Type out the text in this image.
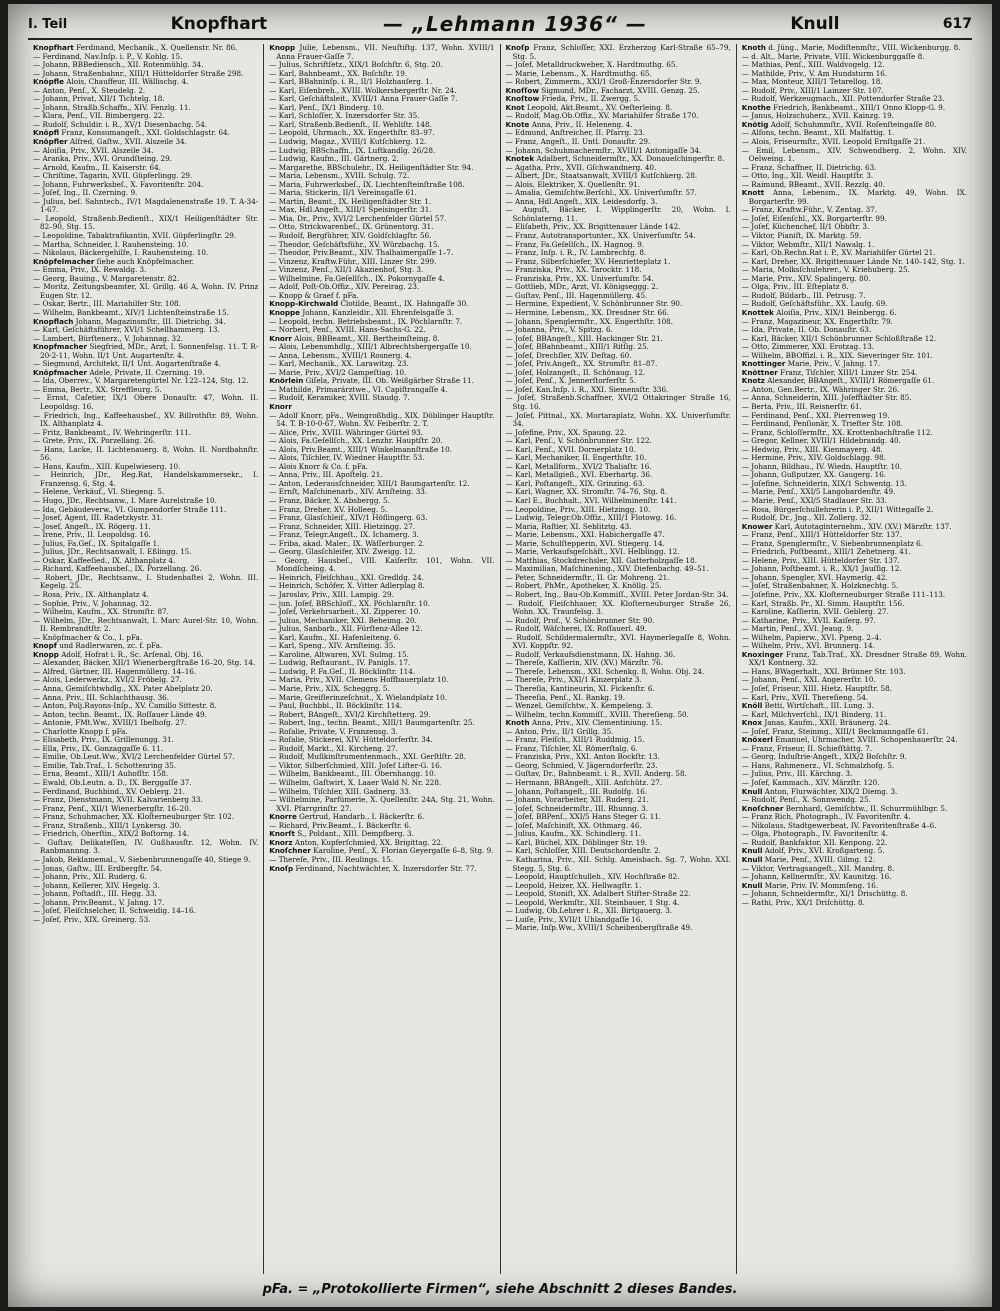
I. Teil	Knopfhart	— „Lehmann 1936“ —	Knull	617
Knopfhart Ferdinand, Mechanik., X. Quellenstr. Nr. 86.
— Ferdinand, Nav.Inſp. i. P., V. Kohlg. 15.
— Johann, BBBediensch., XII. Rotenmühlg. 34.
— Johann, Straßenbahnr., XIII/1 Hütteldorfer Straße 298.
Knöpfle Alois, Chauffeur, III. Wällischg. 4.
— Anton, Penſ., X. Steudelg. 2.
— Johann, Privat, XII/1 Tichtelg. 18.
— Johann, Straßb.Schaffn., XIV. Fenzlg. 11.
— Klara, Penſ., VII. Bimbergerg. 22.
— Rudolf, Schuldir. i. R., XV/1 Diesenbachg. 54.
Knöpfl Franz, Konsumangeſt., XXI. Goldschlagstr. 64.
Knöpfler Alfred, Gaſtw., XVII. Alszeile 34.
— Aloiſia, Priv., XVII. Alszeile 34.
— Aranka, Priv., XVI. Grundſteing. 29.
— Arnold, Kaufm., II. Kaiserstr. 64.
— Chriſtine, Tagarin, XVII. Güpferlingg. 29.
— Johann, Fuhrwerksbeſ., X. Favoritenſtr. 204.
— Joſef, Ing., II. Czerning. 9.
— Julius, beſ. Sahntech., IV/1 Magdalenenstraße 19. T. A-34-1-67.
— Leopold, Straßenb.Bedienſt., XIX/1 Heiligenſtädter Str. 82–90, Stg. 15.
— Leopoldine, Tabaktrafikantin, XVII. Güpferlingſtr. 29.
— Martha, Schneider, I. Rauhensteing. 10.
— Nikolaus, Bäckergehilfe, I. Rauhensteing. 10.
Knöpfelmacher ſiehe auch Knöpfelmacher.
— Emma, Priv., IX. Rewaldg. 3.
— Georg, Bauing., V. Margaretenstr. 82.
— Moritz, Zeitungsbeamter, XI. Grillg. 46 A, Wohn. IV. Prinz Eugen Str. 12.
— Oskar, Bertr., III. Mariahilfer Str. 108.
— Wilhelm, Bankbeamt., XIV/1 Lichtenſteinstraße 15.
Knopflach Johann, Magazinsmſtr., III. Dietrichg. 34.
— Karl, Geſchäftsführer, XVI/1 Schellhammerg. 13.
— Lambert, Bürſtenerz., V. Johannag. 32.
Knopfmacher Siegfried, MDr., Arzt, I. Sonnenfelsg. 11. T. R-20-2-11, Wohn. II/1 Unt. Augartenſtr. 4.
— Siegmund, Architekt, II/1 Unt. Augartenſtraße 4.
Knöpfmacher Adele, Private, II. Czerning. 19.
— Ida, Oberrev., V. Margaretengürtel Nr. 122–124, Stg. 12.
— Emma, Bertr., XX. Streffleurg. 5.
— Ernst, Caſetier, IX/1 Obere Donauſtr. 47, Wohn. II. Leopoldsg. 16.
— Friedrich, Ing., Kaffeehausbeſ., XV. Billrothſtr. 89, Wohn. IX. Althanplatz 4.
— Fritz, Bankbeamt., IV. Wehringerſtr. 111.
— Grete, Priv., IX. Porzellang. 26.
— Hans, Lacke, II. Lichtenauerg. 8, Wohn. II. Nordbahnſtr. 56.
— Hans, Kaufm., XIII. Kupelwieserg. 10.
— Heinrich, JDr., Reg.Rat, Handelskammersekr., I. Franzensg. 6, Stg. 4.
— Helene, Verkäuf., VI. Stiegeng. 5.
— Hugo, JDr., Rechtsanw., I. Mare Aurelstraße 10.
— Ida, Gebäudeverw., VI. Gumpendorfer Straße 111.
— Josef, Agent, III. Radetzkystr. 31.
— Josef, Angeſt., IX. Rögerg. 11.
— Irene, Priv., II. Leopoldsg. 16.
— Julius, Fa.Geſ., IX. Spitalgaſſe 1.
— Julius, JDr., Rechtsanwalt, I. Eßlingg. 15.
— Oskar, Kaffeeſied., IX. Althanplatz 4.
— Richard, Kaffeehausbeſ., IX. Porzellang. 26.
— Robert, JDr., Rechtsanw., I. Studenbaſtei 2, Wohn. III. Kegelg. 25.
— Rosa, Priv., IX. Althanplatz 4.
— Sophie, Priv., V. Johannag. 32.
— Wilhelm, Kaufm., XX. Stromſtr. 87.
— Wilhelm, JDr., Rechtsanwalt, I. Marc Aurel-Str. 10, Wohn. II. Rembrandtſtr. 2.
— Knöpfmacher & Co., I. pFa.
Knopf und Radlerwaren, zc. f. pFa.
Knopp Adolf, Hofrat i. R., Sc. Arſenal, Obj. 16.
— Alexander, Bäcker, XII/1 Wienerbergſtraße 16–20, Stg. 14.
— Alfred, Gärtner, III. Hagenmüllerg. 14–16.
— Alois, Lederwerkz., XVI/2 Fröbelg. 27.
— Anna, Gemiſchtwhdlg., XX. Pater Abelplatz 20.
— Anna, Priv., III. Schlachthausg. 36.
— Anton, Polj.Rayons-Inſp., XV. Camillo Sittestr. 8.
— Anton, techn. Beamt., IX. Roſſauer Lände 49.
— Antonie, FMt.Ww., XVIII/1 Ibelhofg. 27.
— Charlotte Knopp f. pFa.
— Elisabeth, Priv., IX. Grillenungg. 31.
— Ella, Priv., IX. Gonzaggaſſe 6. 11.
— Emilie, Ob.Leut.Ww., XVI/2 Lerchenfelder Gürtel 57.
— Emilie, Tab.Traf., I. Schottenring 35.
— Erna, Beamt., XIII/1 Auhofſtr. 158.
— Ewald, Ob.Leutn. a. D., IX. Berggaſſe 37.
— Ferdinand, Buchbind., XV. Oeblerg. 21.
— Franz, Dienstmann, XVII. Kalvarienberg 33.
— Franz, Penſ., XII/1 Wienerbergſtr. 16–20.
— Franz, Schuhmacher, XX. Kloſterneuburger Str. 102.
— Franz, Straßenb., XIII/1 Lynkersg. 30.
— Friedrich, Oberſtin., XIX/2 Boſtorng. 14.
— Guſtav, Delikateſſen, IV. Gußhausſtr. 12, Wohn. IV. Ranbmannng. 3.
— Jakob, Reklamemal., V. Siebenbrunnengaſſe 40, Stiege 9.
— Jonas, Gaſtw., III. Erdbergſtr. 54.
— Johann, Priv., XII. Ruderg. 6.
— Johann, Kellerer, XIV. Hegelg. 3.
— Johann, Poſtadſt., III. Hegg. 33.
— Johann, Priv.Beamt., V. Jahng. 17.
— Joſef, Fleiſchselcher, II. Schweidig. 14–16.
— Joſef, Priv., XIX. Greinerg. 53.
Knopp Julie, Lebensm., VII. Neuſtiftg. 137, Wohn. XVIII/1 Anna Frauer-Gaſſe 7.
— Julius, Schriftſetz., XIX/1 Boſchſtr. 6, Stg. 20.
— Karl, Bahnbeamt., XX. Boſchſtr. 19.
— Karl, BBahninſp. i. R., II/1 Holzhauſerg. 1.
— Karl, Eiſenbreh., XVIII. Wolkersbergerſtr. Nr. 24.
— Karl, Geſchäftsleit., XVIII/1 Anna Frauer-Gaſſe 7.
— Karl, Penſ., IX/1 Binderg. 10.
— Karl, Schloſſer, X. Inzersdorfer Str. 35.
— Karl, Straßenb.Bedienſt., II. Wehliſtr. 148.
— Leopold, Uhrmach., XX. Engerthſtr. 83–97.
— Ludwig, Magaz., XVIII/1 Kutſchkerg. 12.
— Ludwig, BBSchaffn., IX. Luftkandlg. 26/28.
— Ludwig, Kaufm., III. Gärtnerg. 2.
— Margarethe, BBSchulehr., IX. Heiligenſtädter Str. 94.
— Maria, Lebensm., XVIII. Schulg. 72.
— Maria, Fuhrwerksbeſ., IX. Liechtenſteinſtraße 108.
— Maria, Stickerin, II/1 Vereinsgaſſe 61.
— Martin, Beamt., IX. Heiligenſtädter Str. 1.
— Max, Hdl.Angeſt., XIII/1 Speisingerſtr. 31.
— Mia, Dr., Priv., XVI/2 Lerchenfelder Gürtel 57.
— Otto, Strickwarenbeſ., IX. Grünentorg. 31.
— Rudolf, Bergführer, XIV. Goldſchlagſtr. 56.
— Theodor, Geſchäftsführ., XV. Würzbachg. 15.
— Theodor, Priv.Beamt., XIV. Thalhaimergaſſe 1–7.
— Vinzenz, Kraftw.Führ., XIII. Linzer Str. 299.
— Vinzenz, Penſ., XII/1 Akazienhof, Stg. 3.
— Wilhelmine, Fa.Geſellſch., IX. Pokornygaſſe 4.
— Adolf, Poſt-Ob.Offiz., XIV. Pereirag. 23.
— Knopp & Graef f. pFa.
Knopp-Kirchwald Clotilde, Beamt., IX. Hahngaſſe 30.
Knoppe Johann, Kanzleidir., XII. Ehrenfelsgaſſe 3.
— Leopold, techn. Betriebsbeamt., IX. Pöchlarnſtr. 7.
— Norbert, Penſ., XVIII. Hans-Sachs-G. 22.
Knorr Alois, BBBeamt., XII. Bertheimſteing. 8.
— Alois, Lebensmhdlg., XIII/1 Albrechtsbergergaſſe 10.
— Anna, Lebensm., XVIII/1 Rosnerg. 4.
— Karl, Mechanik., XX. Larawitzg. 23.
— Marie, Priv., XVI/2 Gampeſtiag. 10.
Knörlein Giſela, Private, III. Ob. Weißgärber Straße 11.
— Mathilde, Primarärztwe., VI. Capiſtrangaſſe 4.
— Rudolf, Keramiker, XVIII. Staudg. 7.
Knorr
— Adolf Knorr, pFa., Weingroßhdlg., XIX. Döblinger Hauptſtr. 54. T. B-10-0-67, Wohn. XV. Feiberſtr. 2. T.
— Alice, Priv., XVIII. Währinger Gürtel 93.
— Alois, Fa.Geſellſch., XX. Lenzhr. Hauptſtr. 20.
— Alois, Priv.Beamt., XIII/1 Winkelmannſtraße 10.
— Alois, Tiſchler, IV. Wiedner Hauptſtr. 53.
— Alois Knorr & Co. f. pFa.
— Anna, Priv., III. Apoſtelg. 21.
— Anton, Lederausſchneider, XIII/1 Baumgartenſtr. 12.
— Ernſt, Maſchinenarb., XIV. Arnſteing. 33.
— Franz, Bäcker, X. Absbergg. 5.
— Franz, Dreher, XV. Holleeg. 5.
— Franz, Glasſchleif., XIV/1 Höflingerg. 63.
— Franz, Schneider, XIII. Hietzingg. 27.
— Franz, Telegr.Angeſt., IX. Ichamerg. 3.
— Friba, akad. Maler., IX. Wäſſerburger. 2.
— Georg, Glasſchleifer, XIV. Zweigg. 12.
— Georg, Hausbeſ., VIII. Kaiſerſtr. 101, Wohn. VII. Mondſcheing. 4.
— Heinrich, Fleiſchhau., XXI. Gredldg. 24.
— Heinrich, Schöfer, X. Vitter Adlerplag 8.
— Jaroslav, Priv., XIII. Lampig. 29.
— jun. Joſef, BBSchloſſ., XX. Pöchlarnſtr. 10.
— Joſef, Verkehrsarbeit., XI. Zipperer. 10.
— Julius, Mechaniker, XXI. Beheimg. 20.
— Julius, Sanbarb., XII. Fürſtenz-Allee 12.
— Karl, Kaufm., XI. Hafenleiteng. 6.
— Karl, Speng., XIV. Arnſteing. 35.
— Karoline, Altwaren, XVI. Sulmg. 15.
— Ludwig, Reſtaurant., IV. Panigls. 17.
— Ludwig, P. Fa.Geſ., II. Böcklinſtr. 114.
— Maria, Priv., XVII. Clemens Hoffbauerplatz 10.
— Marie, Priv., XIX. Scheggrg. 5.
— Marie, Greiflerinzeſchnit., X. Wielandplatz 10.
— Paul, Buchbbl., II. Böcklinſtr. 114.
— Robert, BAngeſt., XVI/2 Kirchſtetterg. 29.
— Robert, Ing., techn. Beamt., XIII/1 Baumgartenſtr. 25.
— Roſalie, Private, V. Franzensg. 3.
— Roſalie, Stickerei, XIV. Hütteldorferſtr. 34.
— Rudolf, Markt., XI. Kircheng. 27.
— Rudolf, Muſikinſtrumentenmach., XXI. Gerſtlſtr. 28.
— Viktor, Silberſchmied, XIII. Joſef Lifter-G. 16.
— Wilhelm, Bankbeamt., III. Obernhangg. 10.
— Wilhelm, Gaſtwirt, X. Laaer Wald N. Nr. 228.
— Wilhelm, Tiſchler, XIII. Gadnerg. 33.
— Wilhelmine, Parfümerie, X. Quellenſtr. 24A, Stg. 21, Wohn. XVI. Pfarrgrinſtr. 27.
Knorre Gertrud, Handarb., I. Bäckerſtr. 6.
— Richard, Priv.Beamt., I. Bäckerſtr. 6.
Knorſt S., Poldant., XIII. Dempfberg. 3.
Knorz Anton, Kupferſchmied, XX. Brigittag. 22.
Knoſchner Karoline, Penſ., X. Florian Geyergaſſe 6–8, Stg. 9.
— Thereſe, Priv., III. Reulings. 15.
Knoſp Ferdinand, Nachtwächter, X. Inzersdorfer Str. 77.
Knoſp Franz, Schloſſer, XXI. Erzherzog Karl-Straße 65–79, Stg. 5.
— Joſef, Metalldruckweber, X. Hardtmuthg. 65.
— Marie, Lebensm., X. Hardtmuthg. 65.
— Robert, Zimmerm., XXI/1 Groß-Enzersdorfer Str. 9.
Knoſſow Sigmund, MDr., Facharzt, XVIII. Genzg. 25.
Knoſtow Frieda, Priv., II. Zwergg. 5.
Knot Leopold, Akt.Beamt., XV. Oeſterleing. 8.
— Rudolf, Mag.Ob.Offiz., XV. Mariahilfer Straße 170.
Knote Anna, Priv., II. Heleneng. 4.
— Edmund, Anſtreicher, II. Pfarrg. 23.
— Franz, Angeſt., II. Untl. Donauſtr. 29.
— Johann, Schuhmachermſtr., XVIII/1 Antonigaſſe 34.
Knotek Adalbert, Schneidermſtr., XX. Donaueſchingerſtr. 8.
— Agatha, Priv., XVII. Gſchwandnerg. 40.
— Albert, JDr., Staatsanwalt, XVIII/1 Kutſchkerg. 28.
— Alois, Elektriker, X. Quellenſtr. 91.
— Amalia, Gemiſchtw.Berſchl., XX. Univerſumſtr. 57.
— Anna, Hdl.Angeſt., XIX. Leidesdorfg. 3.
— Auguſt, Bäcker, I. Wipplingerſtr. 20, Wohn. I. Schönlaterng. 11.
— Eliſabeth, Priv., XX. Brigittenauer Lände 142.
— Franz, Autotransportunter., XX. Univerſumſtr. 54.
— Franz, Fa.Geſellſch., IX. Hagnog. 9.
— Franz, Inſp. i. R., IV. Lambrechtg. 8.
— Franz, Silberſchiefer, XV. Henrietteplatz 1.
— Franziska, Priv., XX. Tarocktr. 118.
— Franziska, Priv., XX. Univerſumſtr. 54.
— Gottlieb, MDr., Arzt, VI. Königseggg. 2.
— Guſtav, Penſ., III. Hagenmüllerg. 45.
— Hermine, Expedient, V. Schönbrunner Str. 90.
— Hermine, Lebensm., XX. Dresdner Str. 66.
— Johann, Spenglermſtr., XX. Engerthſtr. 108.
— Johanna, Priv., V. Spitzg. 6.
— Joſef, BBAngeſt., XIII. Hackinger Str. 21.
— Joſef, BBahnbeamt., XIII/1 Ritſig. 25.
— Joſef, Drechſler, XIV. Deſtag. 60.
— Joſef, Priv.Angeſt., XX. Stromſtr. 81–87.
— Joſef, Holzangeſt., II. Schönaug. 12.
— Joſef, Penſ., X. Jennerſtorferſtr. 5.
— Joſef, Kan.Inſp. i. R., XXI. Siemensſtr. 336.
— Joſef, Straßenb.Schaffner, XVI/2 Ottakringer Straße 16, Stg. 16.
— Joſef, Pittnal., XX. Mortaraplatz, Wohn. XX. Univerſumſtr. 34.
— Joſefine, Priv., XX. Spaung. 22.
— Karl, Penſ., V. Schönbrunner Str. 122.
— Karl, Penſ., XVII. Dornerplatz 10.
— Karl, Mechaniker, II. Engerthſtr. 10.
— Karl, Metallform., XVI/2 Thaliaſtr. 16.
— Karl, Metallgieß., XVI. Eberhartg. 36.
— Karl, Poſtangeſt., XIX. Grinzing. 63.
— Karl, Wagner, XX. Stromſtr. 74–76, Stg. 8.
— Karl E., Buchhalt., XVI. Wilhelminenſtr. 141.
— Leopoldine, Priv., XIII. Hietzingg. 10.
— Ludwig, Telegr.Ob.Offiz., XIII/1 Flotowg. 16.
— Maria, Raſtier, XI. Seblitztg. 43.
— Marie, Lebensm., XXI. Habichergaſſe 47.
— Marie, Schulſtepperin, XVI. Stiegerg. 14.
— Marie, Verkaufsgeſchäft., XVI. Helblingg. 12.
— Matthias, Stockdrechsler, XII. Gatterholzgaſſe 18.
— Maximilian, Maſchinening., XIV. Diefenbachg. 49–51.
— Peter, Schneidermſtr., II. Gr. Mohreng. 21.
— Robert, PhMr., Apotheker, X. Knöllg. 25.
— Robert, Ing., Bau-Ob.Kommiſſ., XVIII. Peter Jordan-Str. 34.
— Rudolf, Fleiſchhauer, XX. Kloſterneuburger Straße 26, Wohn. XX. Traunfelsg. 3.
— Rudolf, Prof., V. Schönbrunner Str. 90.
— Rudolf, Wäſcherei, IX. Roſſauerl. 49.
— Rudolf, Schildermalermſtr., XVI. Haymerlegaſſe 8, Wohn. XVI. Koppſtr. 92.
— Rudolf, Verkaufsdienstmann, IX. Hahng. 36.
— Thereſe, Kaſſierin, XIV. (XV.) Märzſtr. 76.
— Thereſe, Lebensm., XXI. Schenkg. 8, Wohn. Obj. 24.
— Thereſe, Priv., XXI/1 Kinzerplatz 3.
— Thereſia, Kantineurin, XI. Fickenſtr. 6.
— Thereſia, Penſ., XI. Rankg. 19.
— Wenzel, Gemiſchtw., X. Kempeleng. 3.
— Wilhelm, techn.Kommiſſ., XVIII. Thereſieng. 50.
Knoth Anna, Priv., XIV. Clementiniung. 15.
— Anton, Priv., II/1 Grillg. 35.
— Franz, Fleiſch., XIII/1 Ruddmig. 15.
— Franz, Tiſchler, XI. Römerſtalg. 6.
— Franziska, Priv., XXI. Anton Bockſtr. 13.
— Georg, Schmied, V. Jägerndorferſtr. 23.
— Guſtav, Dr., Bahnbeamt. i. R., XVII. Anderg. 58.
— Hermann, BBAngeſt., XIII. Anfchütz. 27.
— Johann, Poſtangeſt., III. Rudolfg. 16.
— Johann, Vorarbeiter, XII. Ruderg. 21.
— Joſef, Schneidermſtr., III. Rhunng. 3.
— Joſef, BBPenſ., XXI/5 Hans Steger G. 11.
— Joſef, Maſchiniſt, XX. Othmarg. 46.
— Julius, Kaufm., XX. Schindlerg. 11.
— Karl, Büchel, XIX. Döblinger Str. 19.
— Karl, Schloſſer, XIII. Deutschordenſtr. 2.
— Katharina, Priv., XII. Schlg. Ameisbach. Sg. 7, Wohn. XXI. Stegg. 5, Stg. 6.
— Leopold, Hauptſchulleh., XIV. Hochſtraße 82.
— Leopold, Heizer, XX. Hellwagſtr. 1.
— Leopold, Stoniſt, XX. Adalbert Stifter-Straße 22.
— Leopold, Werkmſtr., XII. Steinbauer, 1 Stg. 4.
— Ludwig, Ob.Lehrer i. R., XII. Birtgauerg. 3.
— Luiſe, Priv., XVII/1 Uhlandgaſſe 16.
— Marie, Inſp.Ww., XVIII/1 Scheibenbergſtraße 49.
Knoth d. Jüng., Marie, Modiſtenmſtr., VIII. Wickenburgg. 8.
— d. Alt., Marie, Private, VIII. Wickenburggaſſe 8.
— Mathias, Penſ., XIII. Waldvogelg. 12.
— Mathilde, Priv., V. Am Hundsturm 16.
— Max, Monteur, XIII/1 Tetarellog. 18.
— Rudolf, Priv., XIII/1 Lainzer Str. 107.
— Rudolf, Werkzeugmach., XII. Pottendorfer Straße 23.
Knothe Friedrich, Bankbeamt., XIII/1 Onno Klopp-G. 9.
— Janus, Holzschuherz., XVII. Kainzg. 19.
Knötig Adolf, Schuhmmſtr., XVII. Roſenſteingaſſe 80.
— Alfons, techn. Beamt., XII. Malfattig. 1.
— Alois, Friseurmſtr., XVII. Leopold Ernſtgaſſe 21.
— Emil, Lebensm., XIV. Schwendberg. 2, Wohn. XIV. Oelweing. 1.
— Franz, Schaffner, II. Dietrichg. 63.
— Otto, Ing., XII. Weidl. Hauptſtr. 3.
— Raimund, BBeamt., XVII. Rezzlg. 40.
Knott Anna, Lebensm., IX. Marktg. 49, Wohn. IX. Borgarterſtr. 99.
— Franz, Kraftw.Führ., V. Zentag. 37.
— Joſef, Eiſenſchl., XX. Borgarterſtr. 99.
— Joſef, Küchenchef, II/1 Obbſtr. 3.
— Viktor, Pianiſt, IX. Marktg. 59.
— Viktor, Webmſtr., XII/1 Nawalg. 1.
— Karl, Ob.Rechn.Rat i. P., XV. Mariahilfer Gürtel 21.
— Karl, Dreher, XX. Brigittenauer Lände Nr. 140–142, Stg. 1.
— Maria, Molksſchulehrer., V. Kriehuberg. 25.
— Marie, Priv., XIV. Spalingerg. 80.
— Olga, Priv., III. Eſteplatz 8.
— Rudolf, Bildarb., III. Petrusg. 7.
— Rudolf, Geſchäftsführ., XX. Laufg. 69.
Knottek Aloiſia, Priv., XIX/1 Beinbergg. 6.
— Franz, Magazineur, XX. Engerthſtr. 79.
— Ida, Private, II. Ob. Donauſtr. 63.
— Karl, Bäcker, XII/1 Schönbrunner Schloßſtraße 12.
— Otto, Zimmerer, XXI. Erotzag. 13.
— Wilhelm, BBOffizl. i. R., XIX. Sieveringer Str. 101.
Knottinger Marie, Priv., V. Jahng. 17.
Knöttner Franz, Tiſchler, XIII/1 Linzer Str. 254.
Knotz Alexander, BBAngeſt., XVIII/1 Römergaſſe 61.
— Anton, Gen.Bertr., IX. Währinger Str. 26.
— Anna, Schneiderin, XIII. Joſefftädter Str. 85.
— Berta, Priv., III. Reisnerſtr. 61.
— Ferdinand, Penſ., XXI. Pierrenweg 19.
— Ferdinand, Penſionär, X. Triefter Str. 108.
— Franz, Schloſſermſtr., XX. Krottenbachſtraße 112.
— Gregor, Kellner, XVIII/1 Hildebrandg. 40.
— Hedwig, Priv., XIII. Kienmayerg. 48.
— Hermine, Priv., XIV. Goldschlagg. 98.
— Johann, Bildhau., IV. Wiedn. Hauptſtr. 10.
— Johann, Gußputzer, XX. Gaugerg. 16.
— Joſefine, Schneiderin, XIX/1 Schwentg. 13.
— Marie, Penſ., XXI/5 Langobardenſtr. 49.
— Marie, Penſ., XXI/5 Stadlauer Str. 33.
— Rosa, Bürgerſchullehrerin i. P., XII/1 Wittegaſſe 2.
— Rudolf, Dr., Jng., XII. Zollerg. 32.
Knower Karl, Autotaginternehm., XIV. (XV.) Märzſtr. 137.
— Franz, Penſ., XIII/1 Hütteldorfer Str. 137.
— Franz, Spenglermſtr., V. Siebenbrunnenplatz 6.
— Friedrich, Poſtbeamt., XIII/1 Zehetnerg. 41.
— Helene, Priv., XIII. Hütteldorfer Str. 137.
— Johann, Poſtbeamt. i. R., XX/1 Jauſſig. 12.
— Johann, Spengler, XVI. Haymerlg. 42.
— Joſef, Straßenbahner, X. Holzknechtg. 5.
— Joſefine, Priv., XX. Kloſterneuburger Straße 111–113.
— Karl, Straßb. Pr., XI. Simm. Hauptſtr. 156.
— Karoline, Kaſſierin, XVII. Geblerg. 27.
— Katharine, Priv., XVII. Kaiſerg. 97.
— Martin, Penſ., XVI. Jeaug. 9.
— Wilhelm, Papierw., XVI. Ppeng. 2–4.
— Wilhelm, Priv., XVI. Brunnerg. 14.
Knoxinger Franz, Tab.Traf., XX. Dresdner Straße 89, Wohn. XX/1 Kontnerg. 32.
— Hans, BWagerhalt., XXI. Brünner Str. 103.
— Johann, Penſ., XXI. Angererſtr. 10.
— Joſef, Friseur, XIII. Hietz. Hauptſtr. 58.
— Karl, Priv., XVII. Thereſieng. 54.
Knöll Betti, Wirtſchaft., III. Lung. 3.
— Karl, Milchverſchl., IX/1 Binderg. 11.
Knox Janas, Kaufm., XXII. Bräunerg. 24.
— Joſef, Franz, Steinmg., XIII/1 Beckmanngaſſe 61.
Knöxerl Emanuel, Uhrmacher, XVIII. Schopenhauerſtr. 24.
— Franz, Friseur, II. Schiefſtättg. 7.
— Georg, Induſtrie-Angeſt., XIX/2 Boſchſtr. 9.
— Hans, Rahmenerz., VI. Schmalzhofg. 5.
— Julius, Priv., III. Kärchng. 3.
— Joſef, Kammach., XIV. Märzſtr. 120.
Knull Anton, Flurwächter, XIX/2 Diemg. 3.
— Rudolf, Penſ., X. Sonnwendg. 25.
Knoſchner Bernhard, Gemiſchtw., II. Schurrmühlbgr. 5.
— Franz Rich, Photograph., IV. Favoritenſtr. 4.
— Nikolaus, Stadtgewerbeat, IV. Favoritenſtraße 4–6.
— Olga, Photograph., IV. Favoritenſtr. 4.
— Rudolf, Bankfaktor, XII. Kenpong. 22.
Knull Adolf, Priv., XVI. Kroßgarteng. 5.
Knull Marie, Penſ., XVIII. Gilmg. 12.
— Viktor, Vertragsangeſt., XII. Mandrg. 8.
— Johann, Kellnermſtr., XV. Kaunitzg. 16.
Knull Marie, Priv. IV. Mommſeng. 16.
— Johann, Schneidermſtr., XI/1 Drischüttg. 8.
— Rathi, Priv., XX/1 Driſchüttg. 8.
pFa. = „Protokollierte Firmen“, siehe Abschnitt 2 dieses Bandes.
